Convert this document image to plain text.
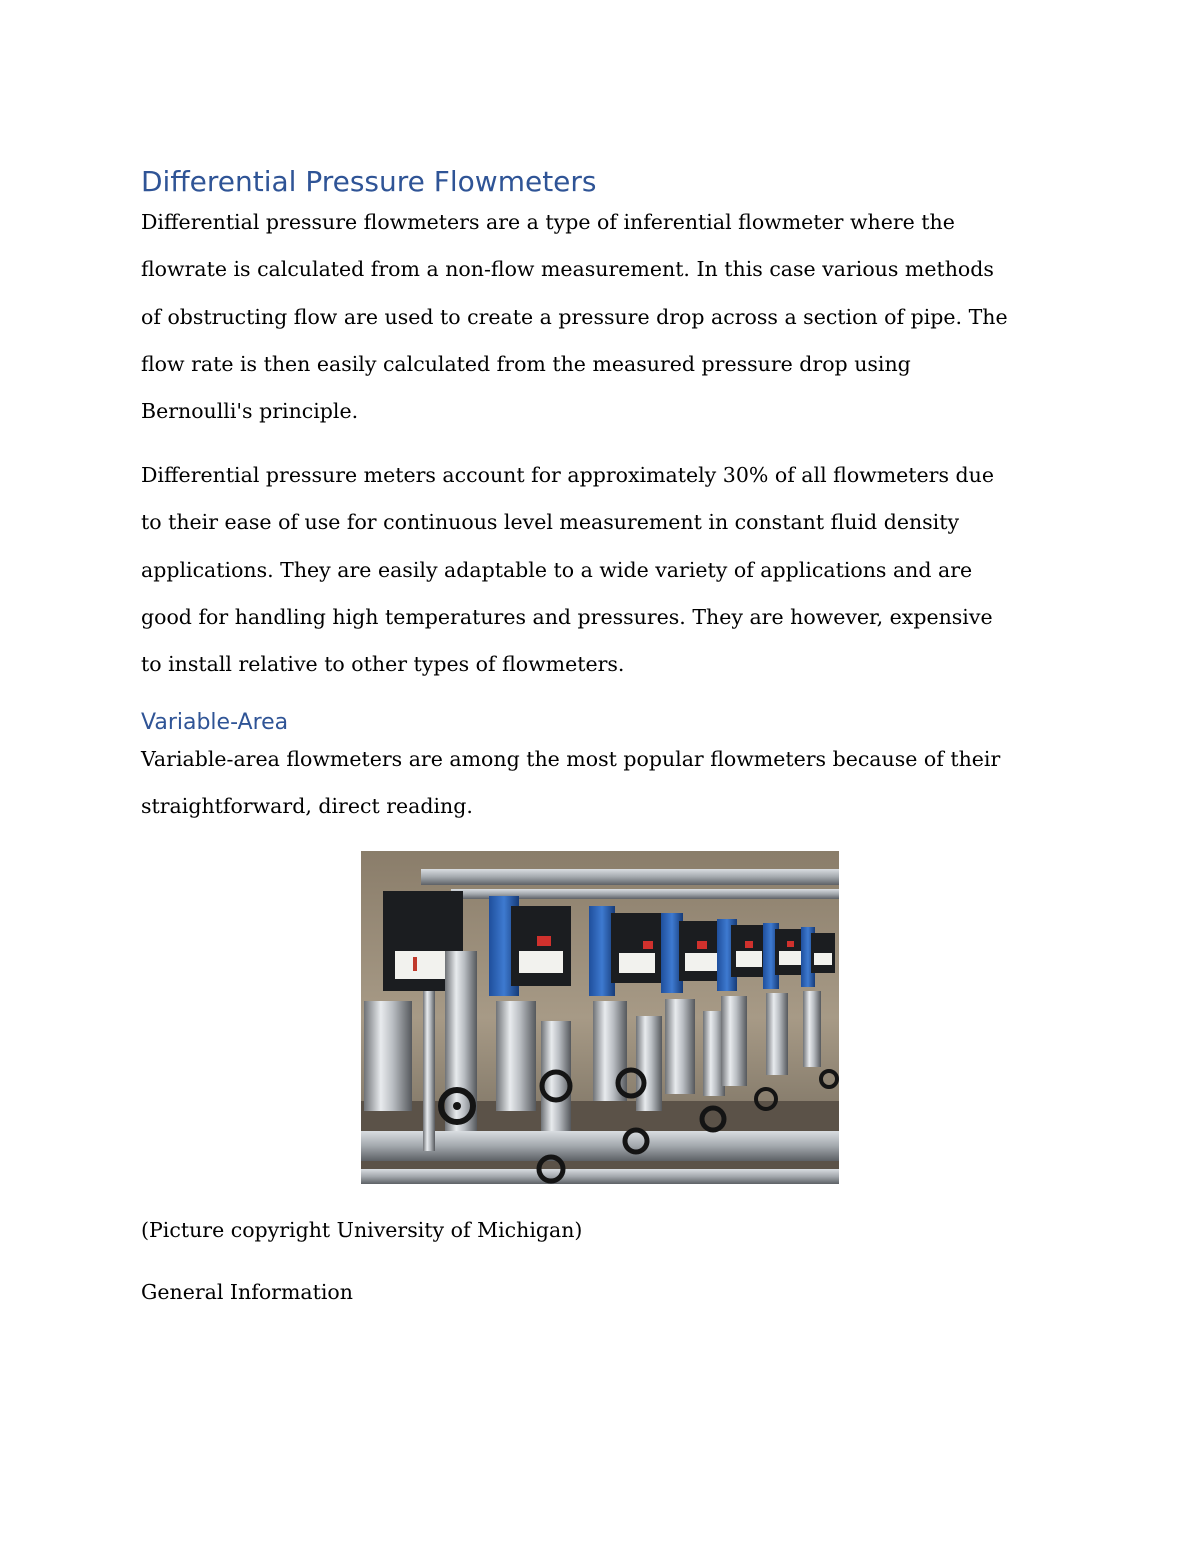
Differential Pressure Flowmeters
Differential pressure flowmeters are a type of inferential flowmeter where the
flowrate is calculated from a non-flow measurement. In this case various methods
of obstructing flow are used to create a pressure drop across a section of pipe. The
flow rate is then easily calculated from the measured pressure drop using
Bernoulli's principle.
Differential pressure meters account for approximately 30% of all flowmeters due
to their ease of use for continuous level measurement in constant fluid density
applications. They are easily adaptable to a wide variety of applications and are
good for handling high temperatures and pressures. They are however, expensive
to install relative to other types of flowmeters.
Variable-Area
Variable-area flowmeters are among the most popular flowmeters because of their
straightforward, direct reading.

(Picture copyright University of Michigan)

General Information
